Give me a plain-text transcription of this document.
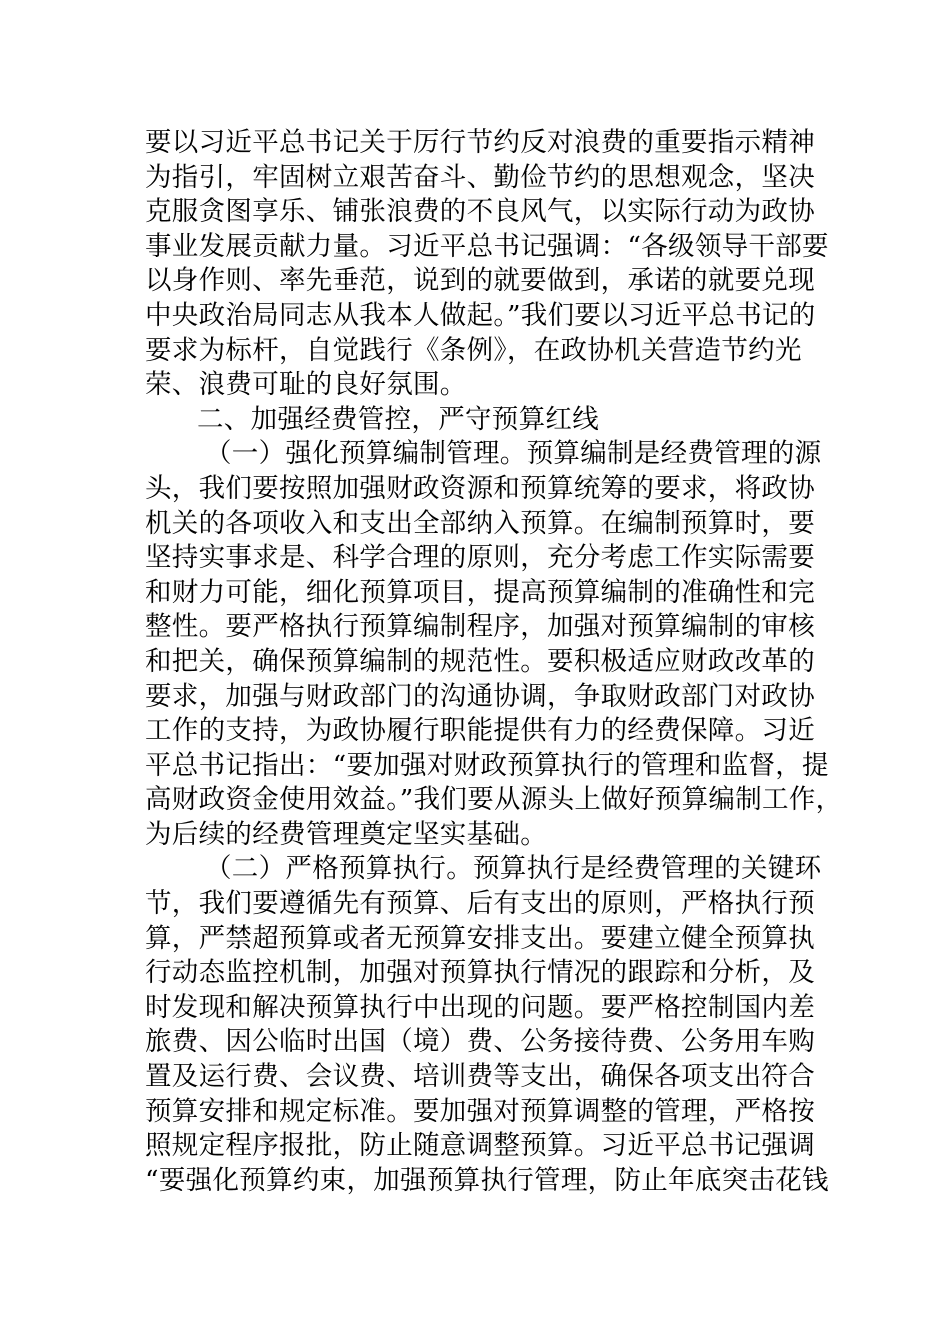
要以习近平总书记关于厉行节约反对浪费的重要指示精神
为指引，牢固树立艰苦奋斗、勤俭节约的思想观念，坚决
克服贪图享乐、铺张浪费的不良风气，以实际行动为政协
事业发展贡献力量。习近平总书记强调：“各级领导干部要
以身作则、率先垂范，说到的就要做到，承诺的就要兑现
中央政治局同志从我本人做起。”我们要以习近平总书记的
要求为标杆，自觉践行《条例》，在政协机关营造节约光
荣、浪费可耻的良好氛围。
二、加强经费管控，严守预算红线
（一）强化预算编制管理。预算编制是经费管理的源
头，我们要按照加强财政资源和预算统筹的要求，将政协
机关的各项收入和支出全部纳入预算。在编制预算时，要
坚持实事求是、科学合理的原则，充分考虑工作实际需要
和财力可能，细化预算项目，提高预算编制的准确性和完
整性。要严格执行预算编制程序，加强对预算编制的审核
和把关，确保预算编制的规范性。要积极适应财政改革的
要求，加强与财政部门的沟通协调，争取财政部门对政协
工作的支持，为政协履行职能提供有力的经费保障。习近
平总书记指出：“要加强对财政预算执行的管理和监督，提
高财政资金使用效益。”我们要从源头上做好预算编制工作，
为后续的经费管理奠定坚实基础。
（二）严格预算执行。预算执行是经费管理的关键环
节，我们要遵循先有预算、后有支出的原则，严格执行预
算，严禁超预算或者无预算安排支出。要建立健全预算执
行动态监控机制，加强对预算执行情况的跟踪和分析，及
时发现和解决预算执行中出现的问题。要严格控制国内差
旅费、因公临时出国（境）费、公务接待费、公务用车购
置及运行费、会议费、培训费等支出，确保各项支出符合
预算安排和规定标准。要加强对预算调整的管理，严格按
照规定程序报批，防止随意调整预算。习近平总书记强调
“要强化预算约束，加强预算执行管理，防止年底突击花钱
